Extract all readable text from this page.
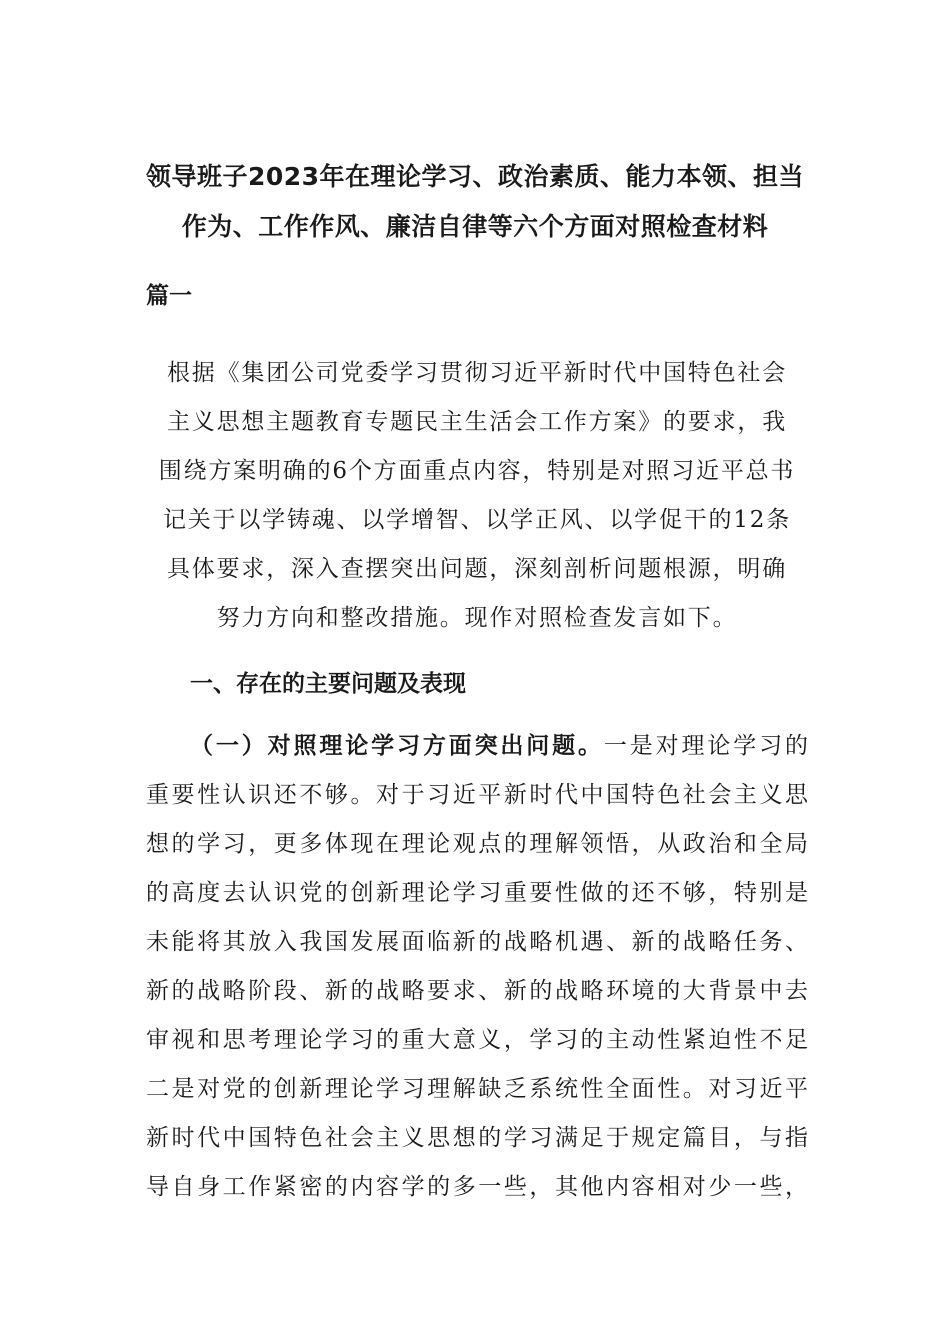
领导班子2023年在理论学习、政治素质、能力本领、担当
作为、工作作风、廉洁自律等六个方面对照检查材料
篇一

根据《集团公司党委学习贯彻习近平新时代中国特色社会
主义思想主题教育专题民主生活会工作方案》的要求，我
围绕方案明确的6个方面重点内容，特别是对照习近平总书
记关于以学铸魂、以学增智、以学正风、以学促干的12条
具体要求，深入查摆突出问题，深刻剖析问题根源，明确
努力方向和整改措施。现作对照检查发言如下。

一、存在的主要问题及表现

（一）对照理论学习方面突出问题。一是对理论学习的
重要性认识还不够。对于习近平新时代中国特色社会主义思
想的学习，更多体现在理论观点的理解领悟，从政治和全局
的高度去认识党的创新理论学习重要性做的还不够，特别是
未能将其放入我国发展面临新的战略机遇、新的战略任务、
新的战略阶段、新的战略要求、新的战略环境的大背景中去
审视和思考理论学习的重大意义，学习的主动性紧迫性不足
二是对党的创新理论学习理解缺乏系统性全面性。对习近平
新时代中国特色社会主义思想的学习满足于规定篇目，与指
导自身工作紧密的内容学的多一些，其他内容相对少一些，
